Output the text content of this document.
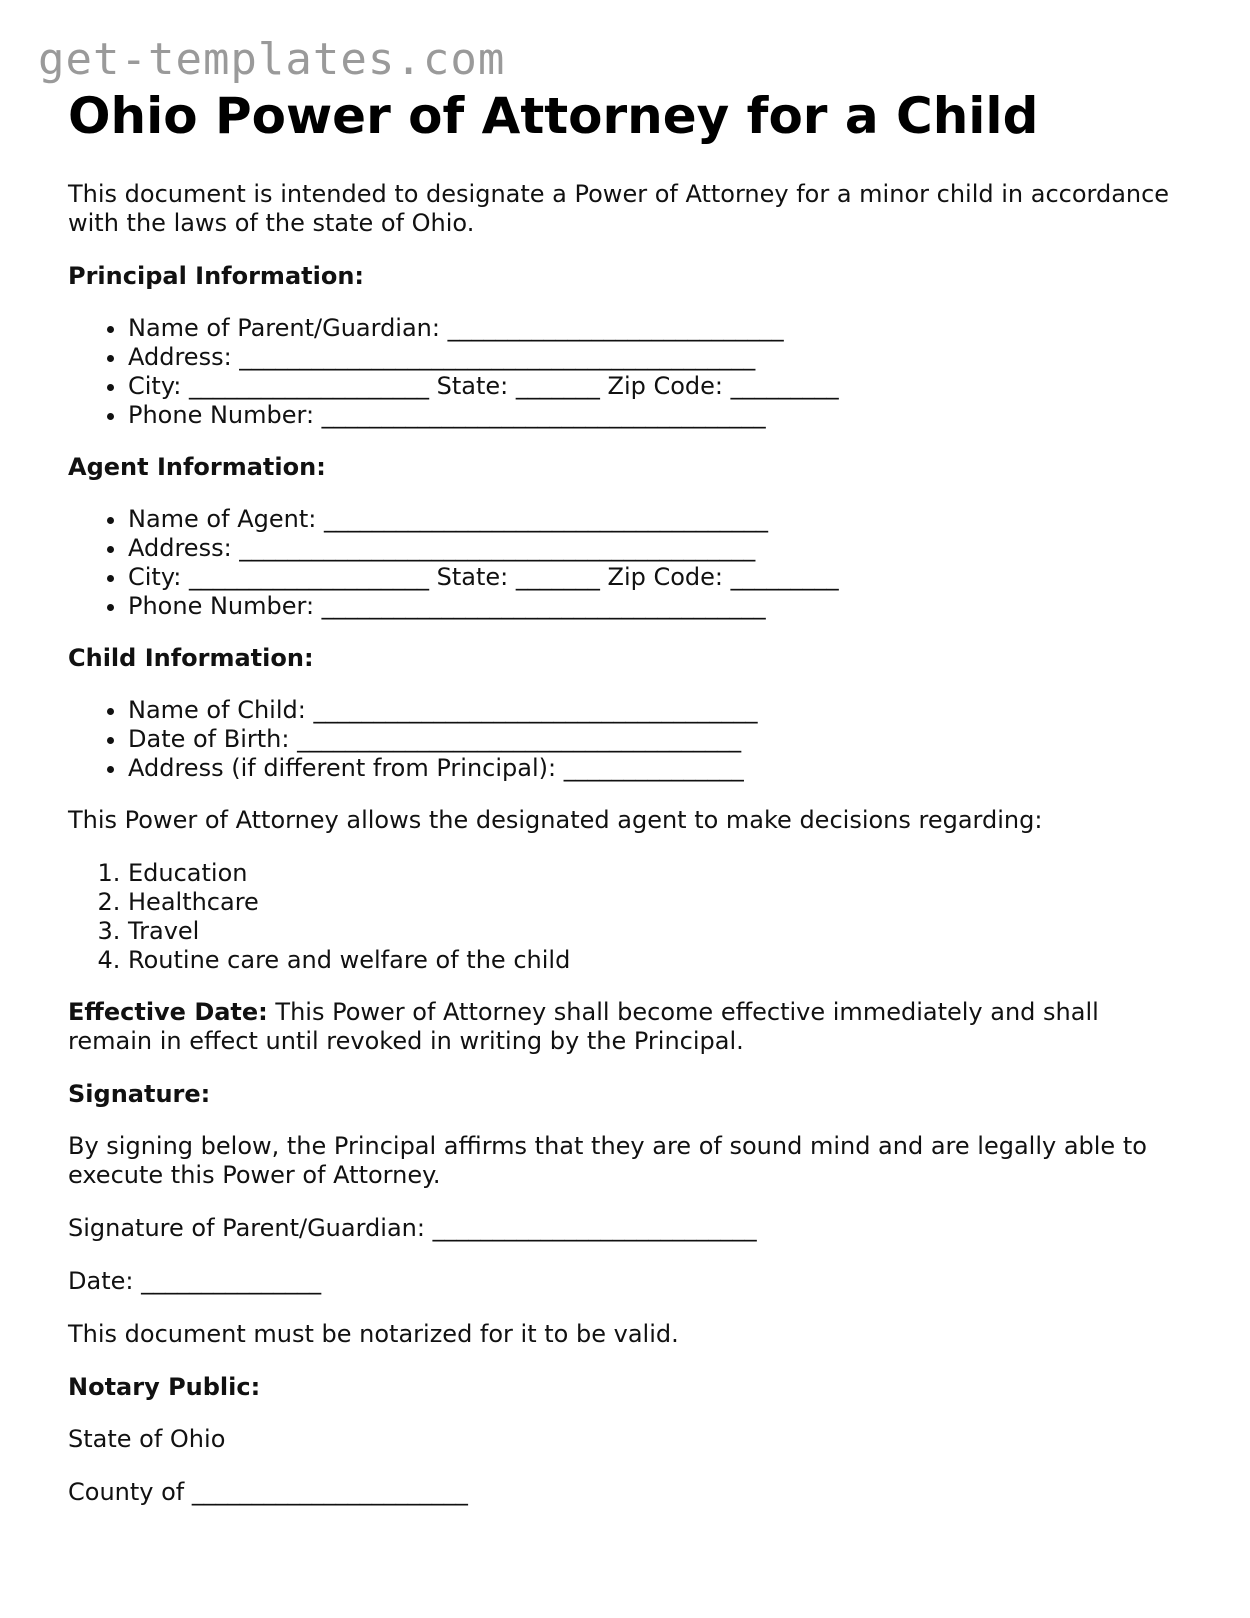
get-templates.com
Ohio Power of Attorney for a Child

This document is intended to designate a Power of Attorney for a minor child in accordance with the laws of the state of Ohio.

Principal Information:
• Name of Parent/Guardian: ____________________________
• Address: ___________________________________________
• City: ____________________ State: _______ Zip Code: _________
• Phone Number: _____________________________________
Agent Information:
• Name of Agent: _____________________________________
• Address: ___________________________________________
• City: ____________________ State: _______ Zip Code: _________
• Phone Number: _____________________________________
Child Information:
• Name of Child: _____________________________________
• Date of Birth: _____________________________________
• Address (if different from Principal): _______________

This Power of Attorney allows the designated agent to make decisions regarding:

1. Education
2. Healthcare
3. Travel
4. Routine care and welfare of the child

Effective Date: This Power of Attorney shall become effective immediately and shall remain in effect until revoked in writing by the Principal.

Signature:

By signing below, the Principal affirms that they are of sound mind and are legally able to execute this Power of Attorney.

Signature of Parent/Guardian: ___________________________

Date: _______________

This document must be notarized for it to be valid.

Notary Public:

State of Ohio

County of _______________________
